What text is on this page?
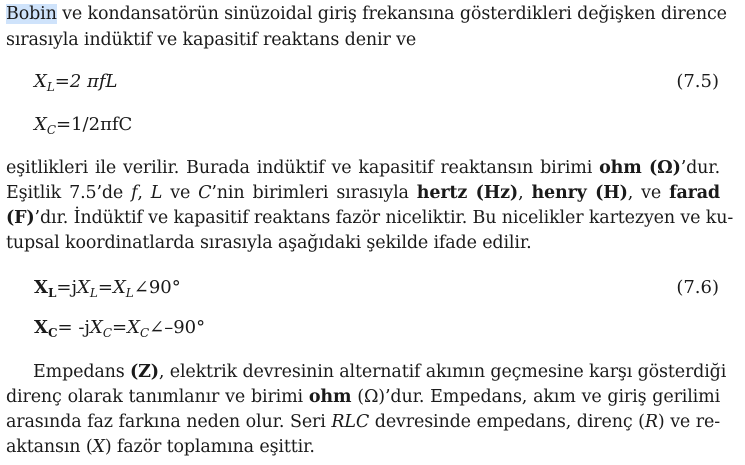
Bobin ve kondansatörün sinüzoidal giriş frekansına gösterdikleri değişken dirence
sırasıyla indüktif ve kapasitif reaktans denir ve
$X_L=2$ πfL	(7.5)
$X_C=1/2\pi fC$
eşitlikleri ile verilir. Burada indüktif ve kapasitif reaktansın birimi ohm (Ω)’dur.
Eşitlik 7.5’de f, L ve C’nin birimleri sırasıyla hertz (Hz), henry (H), ve farad
(F)’dır. İndüktif ve kapasitif reaktans fazör niceliktir. Bu nicelikler kartezyen ve ku-
tupsal koordinatlarda sırasıyla aşağıdaki şekilde ifade edilir.
$X_L=jX_L=X_L\angle 90^\circ$	(7.6)
$X_C=$ $-jX_C=X_C\angle-90^\circ$
Empedans (Z), elektrik devresinin alternatif akımın geçmesine karşı gösterdiği
direnç olarak tanımlanır ve birimi ohm (Ω)’dur. Empedans, akım ve giriş gerilimi
arasında faz farkına neden olur. Seri RLC devresinde empedans, direnç (R) ve re-
aktansın (X) fazör toplamına eşittir.
